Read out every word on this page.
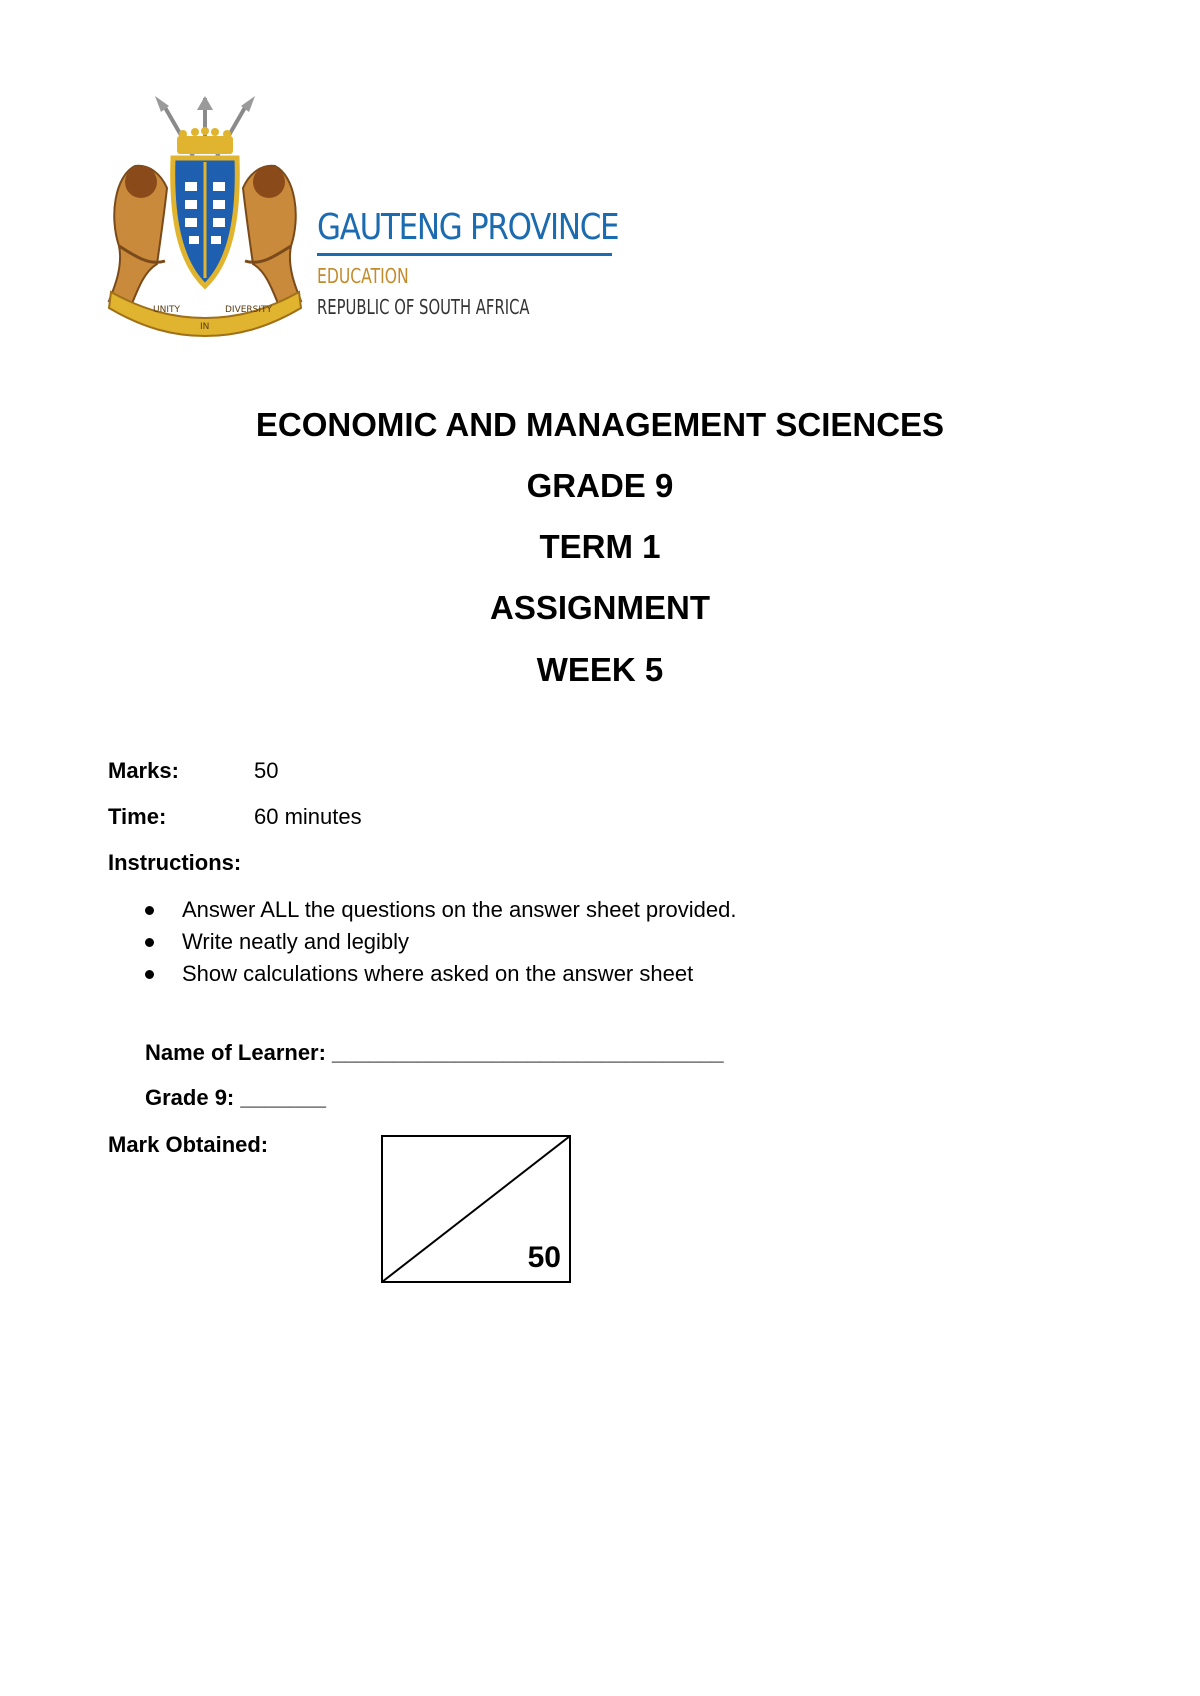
UNITY
IN
DIVERSITY
GAUTENG PROVINCE
EDUCATION
REPUBLIC OF SOUTH AFRICA
ECONOMIC AND MANAGEMENT SCIENCES
GRADE 9
TERM 1
ASSIGNMENT
WEEK 5
Marks:	50
Time:	60 minutes
Instructions:
Answer ALL the questions on the answer sheet provided.
Write neatly and legibly
Show calculations where asked on the answer sheet
Name of Learner: ________________________________
Grade 9: _______
Mark Obtained:
50
